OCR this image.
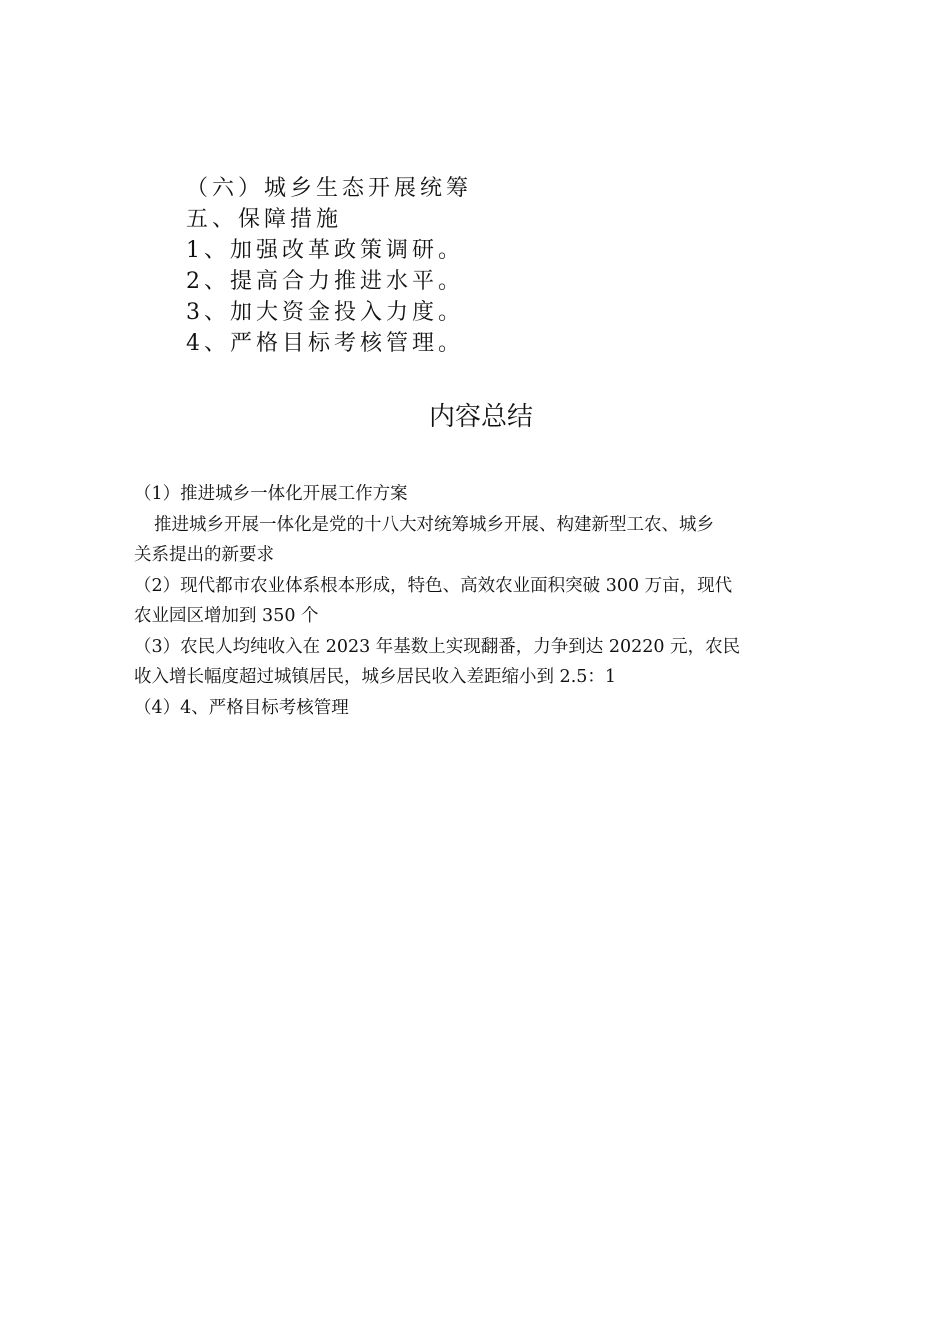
（六）城乡生态开展统筹
五、保障措施
1、加强改革政策调研。
2、提高合力推进水平。
3、加大资金投入力度。
4、严格目标考核管理。
内容总结
（1）推进城乡一体化开展工作方案
推进城乡开展一体化是党的十八大对统筹城乡开展、构建新型工农、城乡
关系提出的新要求
（2）现代都市农业体系根本形成，特色、高效农业面积突破 300 万亩，现代
农业园区增加到 350 个
（3）农民人均纯收入在 2023 年基数上实现翻番，力争到达 20220 元，农民
收入增长幅度超过城镇居民，城乡居民收入差距缩小到 2.5：1
（4）4、严格目标考核管理
